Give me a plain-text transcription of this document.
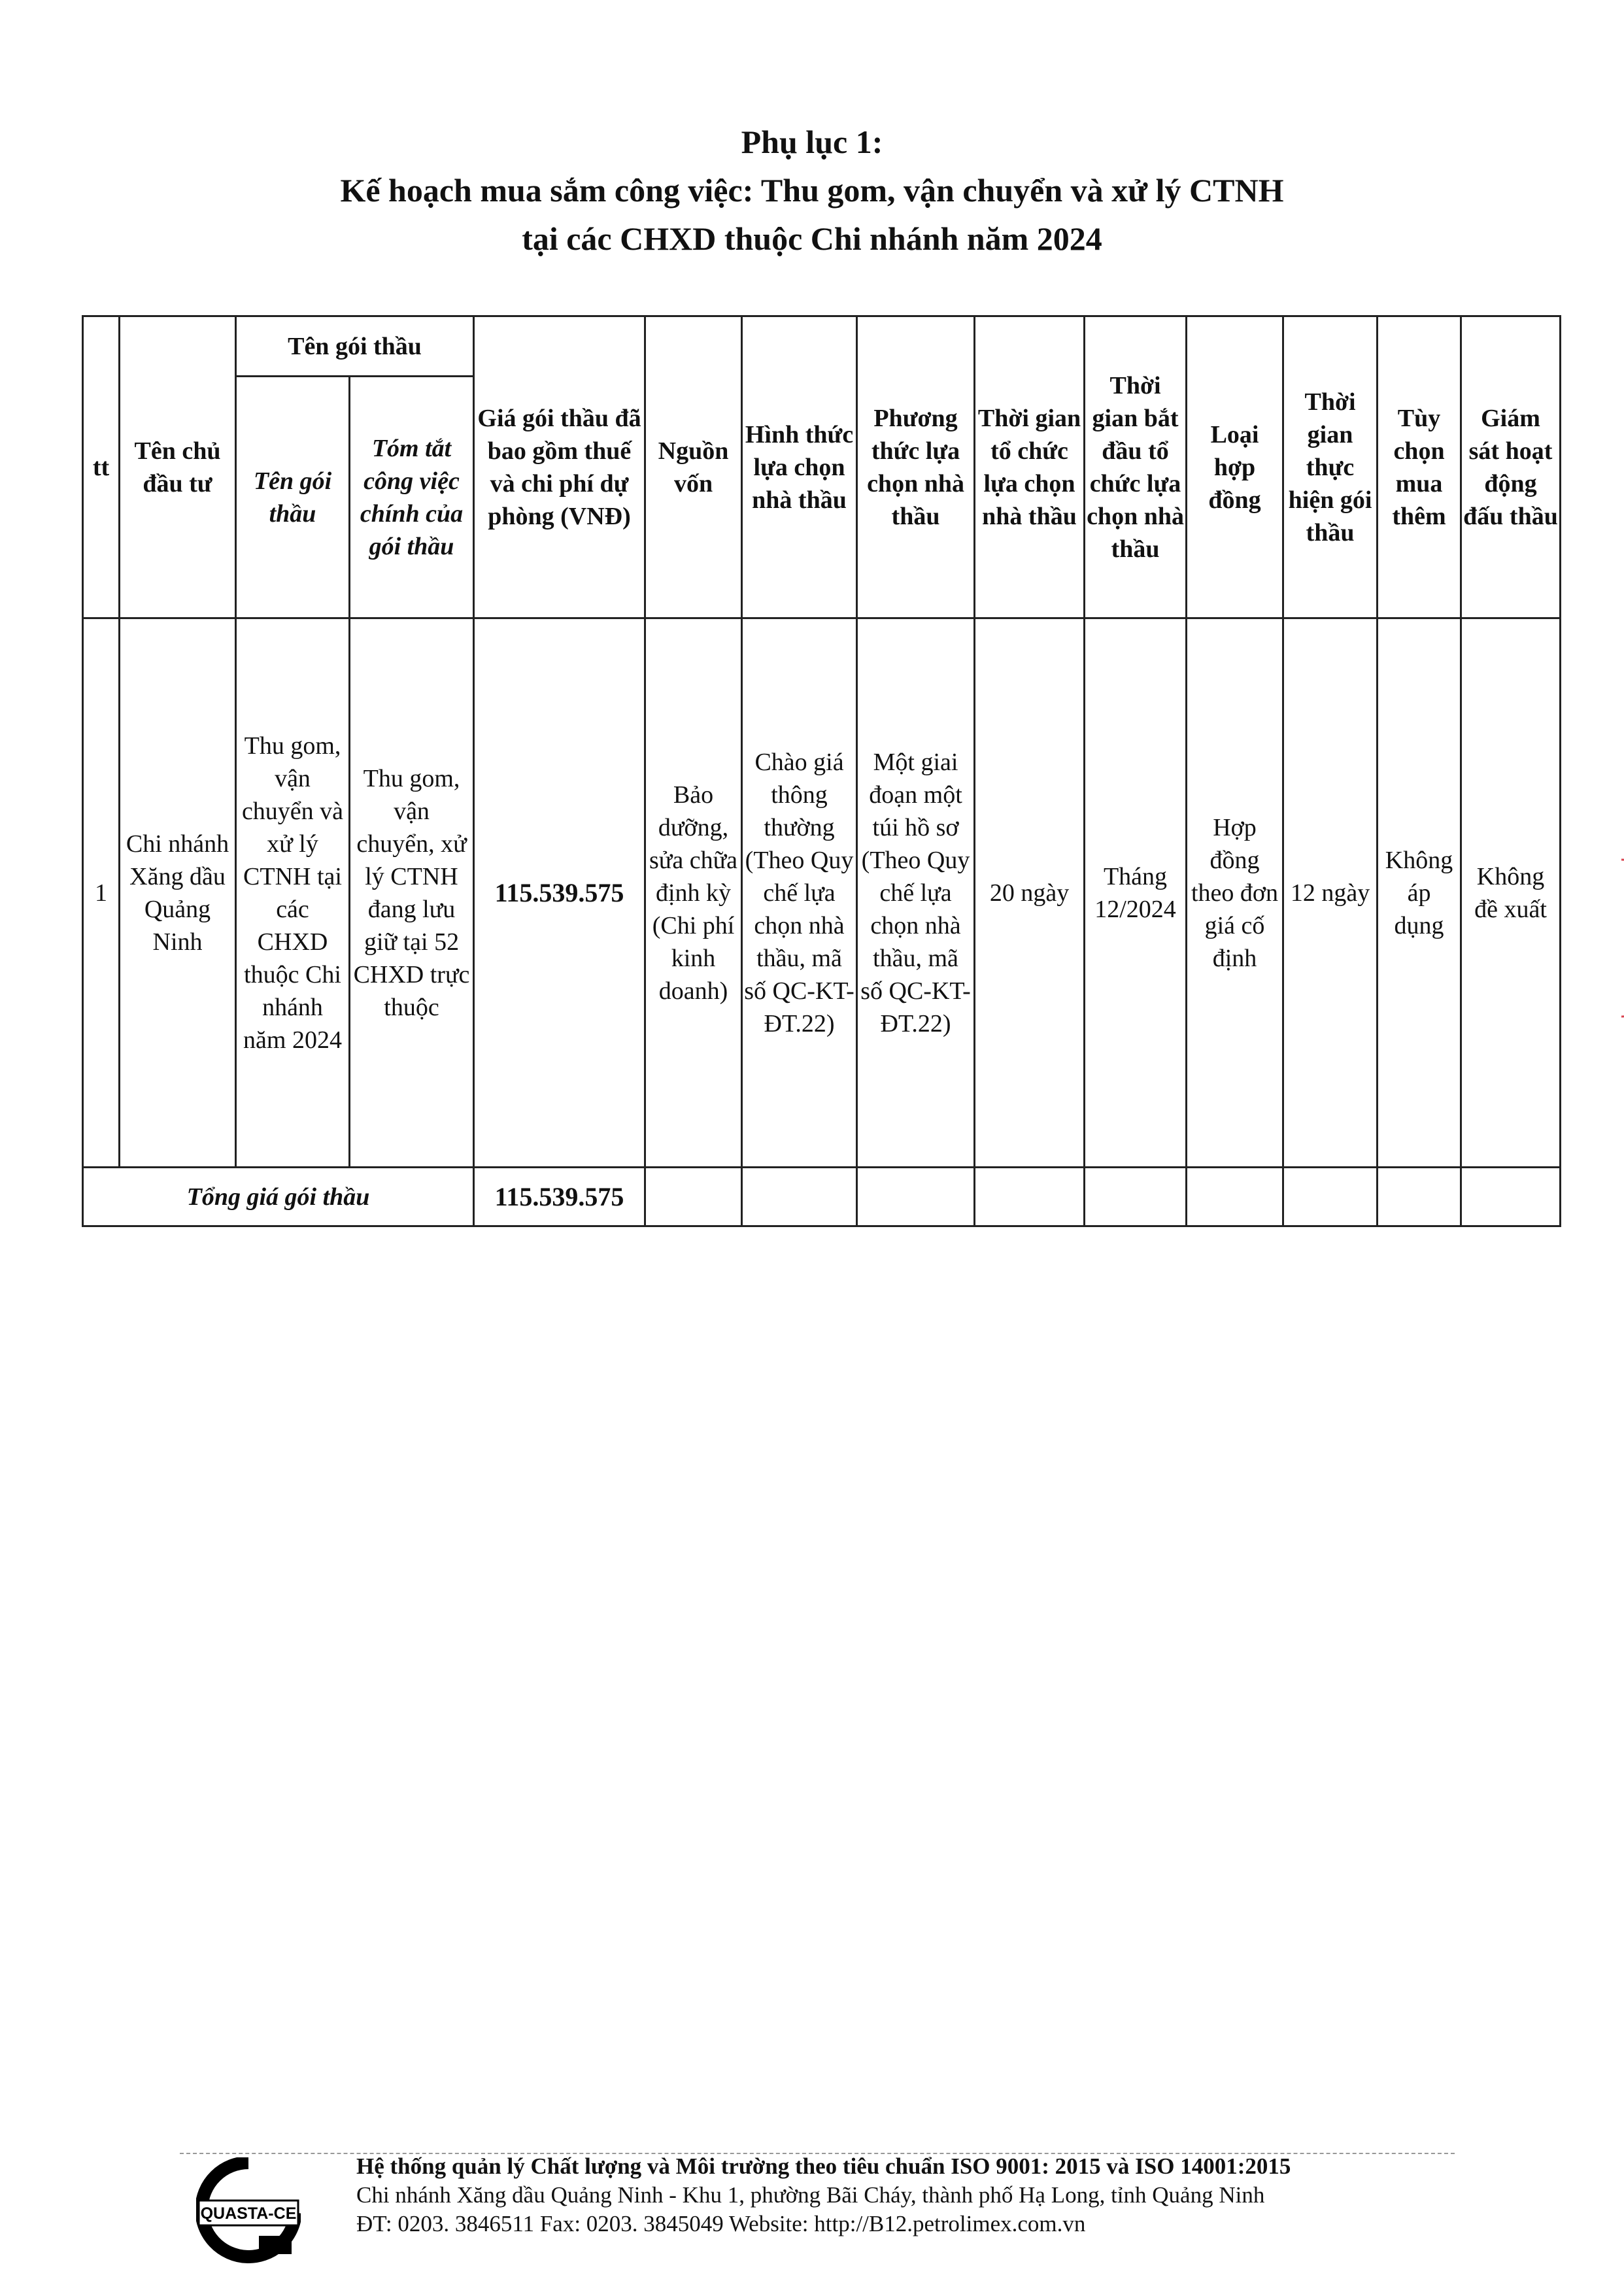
Phụ lục 1:
Kế hoạch mua sắm công việc: Thu gom, vận chuyển và xử lý CTNH
tại các CHXD thuộc Chi nhánh năm 2024
tt	Tên chủ đầu tư	Tên gói thầu		Giá gói thầu đã bao gồm thuế và chi phí dự phòng (VNĐ)	Nguồn vốn	Hình thức lựa chọn nhà thầu	Phương thức lựa chọn nhà thầu	Thời gian tổ chức lựa chọn nhà thầu	Thời gian bắt đầu tổ chức lựa chọn nhà thầu	Loại hợp đồng	Thời gian thực hiện gói thầu	Tùy chọn mua thêm	Giám sát hoạt động đấu thầu
		Tên gói thầu	Tóm tắt công việc chính của gói thầu										
1	Chi nhánh Xăng dầu Quảng Ninh	Thu gom, vận chuyển và xử lý CTNH tại các CHXD thuộc Chi nhánh năm 2024	Thu gom, vận chuyển, xử lý CTNH đang lưu giữ tại 52 CHXD trực thuộc	115.539.575	Bảo dưỡng, sửa chữa định kỳ (Chi phí kinh doanh)	Chào giá thông thường (Theo Quy chế lựa chọn nhà thầu, mã số QC-KT-ĐT.22)	Một giai đoạn một túi hồ sơ (Theo Quy chế lựa chọn nhà thầu, mã số QC-KT-ĐT.22)	20 ngày	Tháng 12/2024	Hợp đồng theo đơn giá cố định	12 ngày	Không áp dụng	Không đề xuất
Tổng giá gói thầu				115.539.575									
QUASTA-CE
Hệ thống quản lý Chất lượng và Môi trường theo tiêu chuẩn ISO 9001: 2015 và ISO 14001:2015
Chi nhánh Xăng dầu Quảng Ninh - Khu 1, phường Bãi Cháy, thành phố Hạ Long, tỉnh Quảng Ninh
ĐT: 0203. 3846511 Fax: 0203. 3845049 Website: http://B12.petrolimex.com.vn
